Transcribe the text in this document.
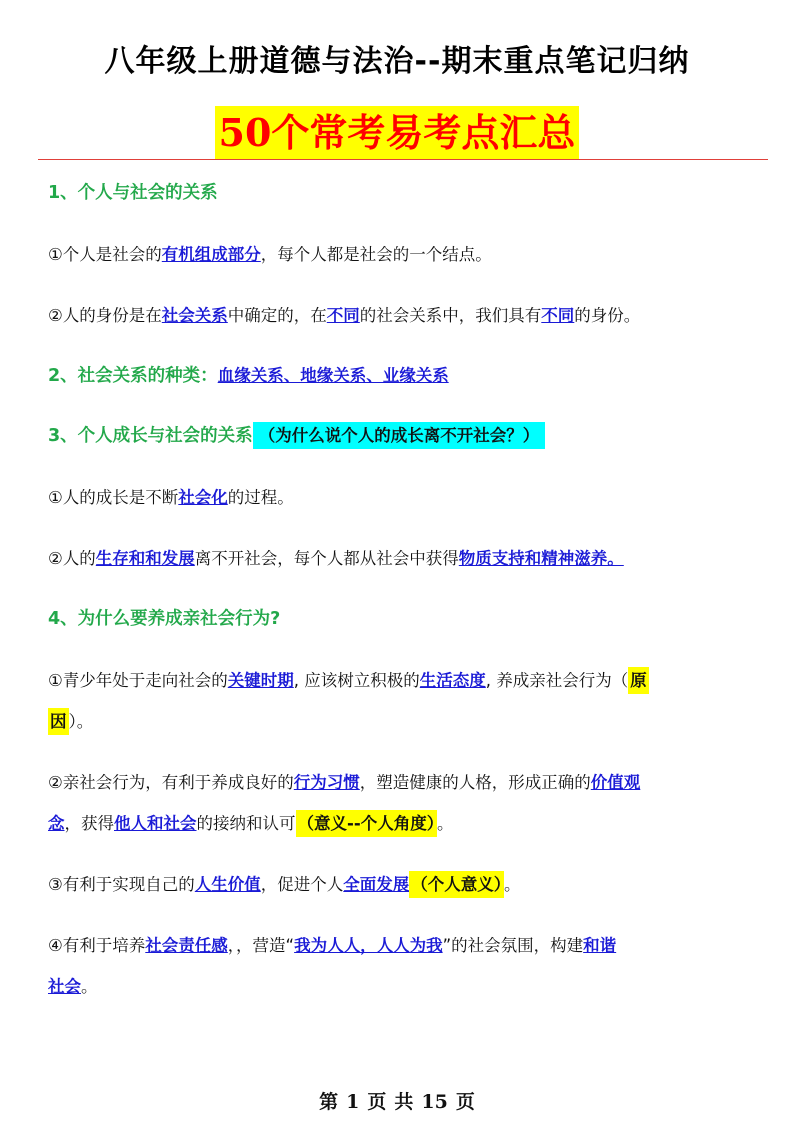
八年级上册道德与法治--期末重点笔记归纳
50个常考易考点汇总
1、个人与社会的关系
①个人是社会的有机组成部分，每个人都是社会的一个结点。
②人的身份是在社会关系中确定的，在不同的社会关系中，我们具有不同的身份。
2、社会关系的种类：血缘关系、地缘关系、业缘关系
3、个人成长与社会的关系 （为什么说个人的成长离不开社会？）
①人的成长是不断社会化的过程。
②人的生存和和发展离不开社会，每个人都从社会中获得物质支持和精神滋养。
4、为什么要养成亲社会行为?
①青少年处于走向社会的关键时期, 应该树立积极的生活态度, 养成亲社会行为（ 原
因 ）。
②亲社会行为，有利于养成良好的行为习惯，塑造健康的人格，形成正确的价值观
念，获得他人和社会的接纳和认可 （意义--个人角度） 。
③有利于实现自己的人生价值，促进个人全面发展 （个人意义） 。
④有利于培养社会责任感，，营造“我为人人，人人为我”的社会氛围，构建和谐
社会。
第 1 页 共 15 页
